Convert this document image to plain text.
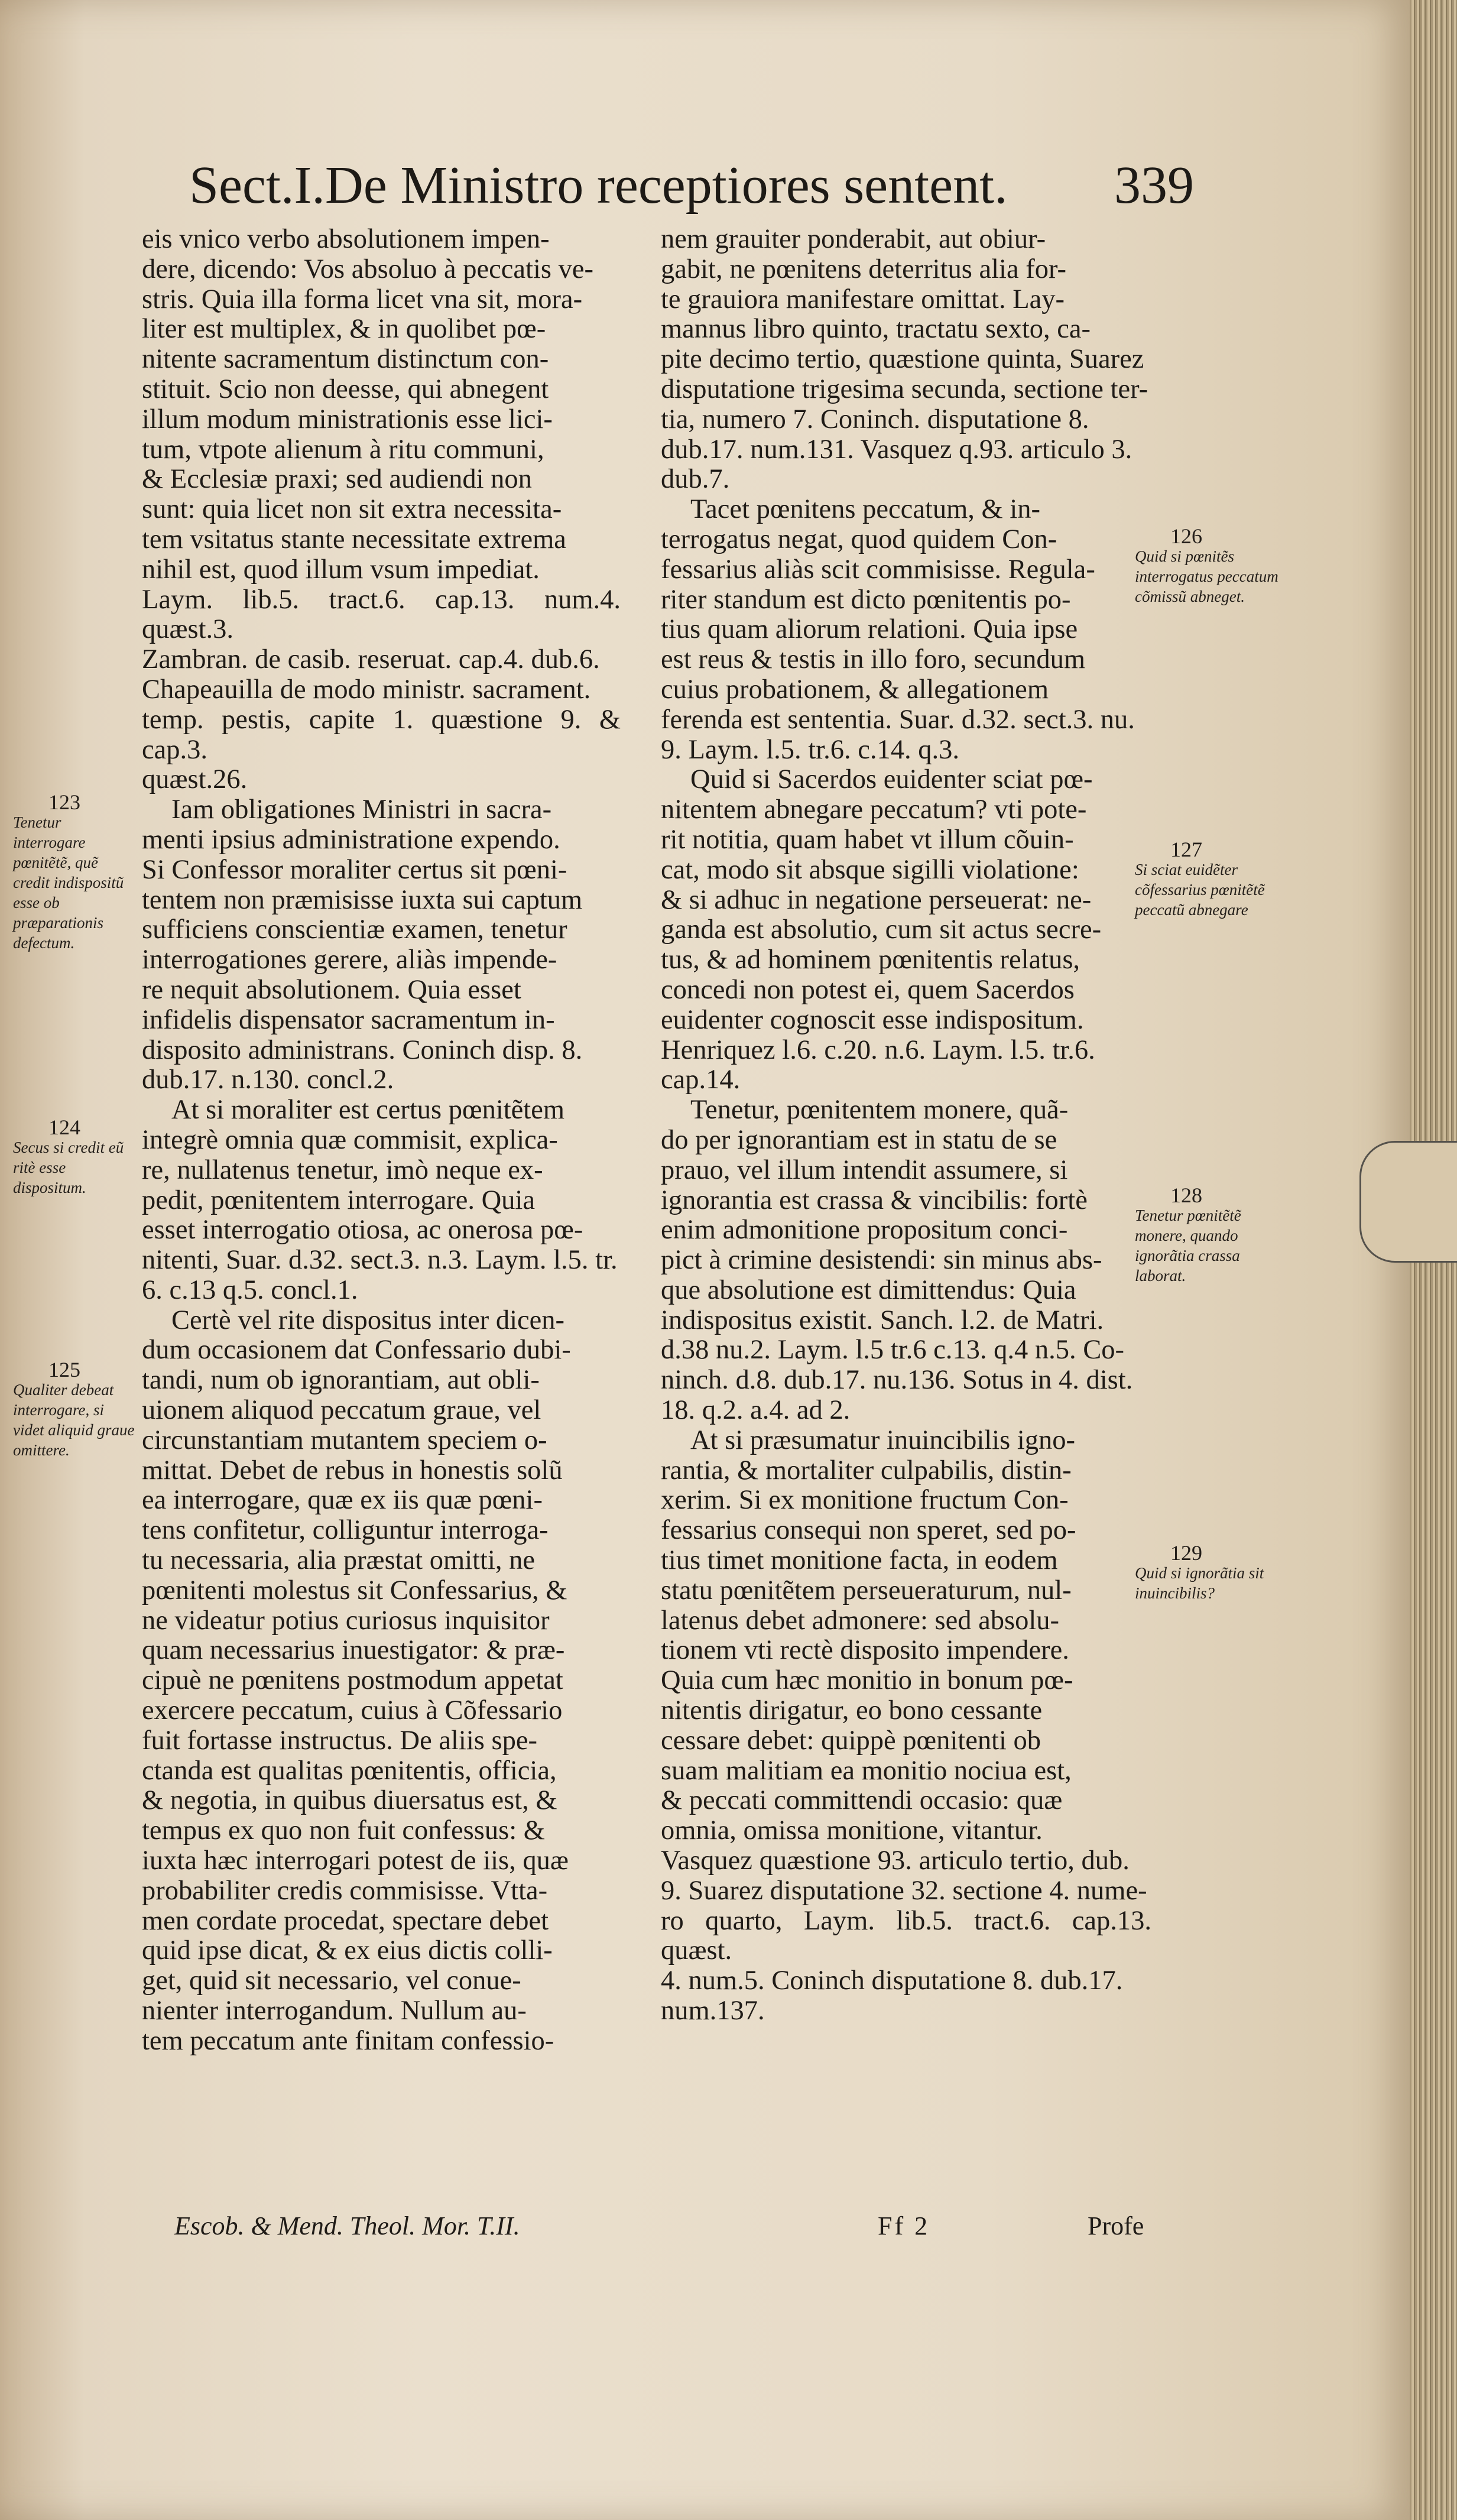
Sect.I.De Ministro receptiores sentent. 339

eis vnico verbo absolutionem impen-

dere, dicendo: Vos absoluo à peccatis ve-

stris. Quia illa forma licet vna sit, mora-

liter est multiplex, & in quolibet pœ-

nitente sacramentum distinctum con-

stituit. Scio non deesse, qui abnegent

illum modum ministrationis esse lici-

tum, vtpote alienum à ritu communi,

& Ecclesiæ praxi; sed audiendi non

sunt: quia licet non sit extra necessita-

tem vsitatus stante necessitate extrema

nihil est, quod illum vsum impediat.

Laym. lib.5. tract.6. cap.13. num.4. quæst.3.

Zambran. de casib. reseruat. cap.4. dub.6.

Chapeauilla de modo ministr. sacrament.

temp. pestis, capite 1. quæstione 9. & cap.3.

quæst.26.

Iam obligationes Ministri in sacra-

menti ipsius administratione expendo.

Si Confessor moraliter certus sit pœni-

tentem non præmisisse iuxta sui captum

sufficiens conscientiæ examen, tenetur

interrogationes gerere, aliàs impende-

re nequit absolutionem. Quia esset

infidelis dispensator sacramentum in-

disposito administrans. Coninch disp. 8.

dub.17. n.130. concl.2.

At si moraliter est certus pœnitẽtem

integrè omnia quæ commisit, explica-

re, nullatenus tenetur, imò neque ex-

pedit, pœnitentem interrogare. Quia

esset interrogatio otiosa, ac onerosa pœ-

nitenti, Suar. d.32. sect.3. n.3. Laym. l.5. tr.

6. c.13 q.5. concl.1.

Certè vel rite dispositus inter dicen-

dum occasionem dat Confessario dubi-

tandi, num ob ignorantiam, aut obli-

uionem aliquod peccatum graue, vel

circunstantiam mutantem speciem o-

mittat. Debet de rebus in honestis solũ

ea interrogare, quæ ex iis quæ pœni-

tens confitetur, colliguntur interroga-

tu necessaria, alia præstat omitti, ne

pœnitenti molestus sit Confessarius, &

ne videatur potius curiosus inquisitor

quam necessarius inuestigator: & præ-

cipuè ne pœnitens postmodum appetat

exercere peccatum, cuius à Cõfessario

fuit fortasse instructus. De aliis spe-

ctanda est qualitas pœnitentis, officia,

& negotia, in quibus diuersatus est, &

tempus ex quo non fuit confessus: &

iuxta hæc interrogari potest de iis, quæ

probabiliter credis commisisse. Vtta-

men cordate procedat, spectare debet

quid ipse dicat, & ex eius dictis colli-

get, quid sit necessario, vel conue-

nienter interrogandum. Nullum au-

tem peccatum ante finitam confessio-

nem grauiter ponderabit, aut obiur-

gabit, ne pœnitens deterritus alia for-

te grauiora manifestare omittat. Lay-

mannus libro quinto, tractatu sexto, ca-

pite decimo tertio, quæstione quinta, Suarez

disputatione trigesima secunda, sectione ter-

tia, numero 7. Coninch. disputatione 8.

dub.17. num.131. Vasquez q.93. articulo 3.

dub.7.

Tacet pœnitens peccatum, & in-

terrogatus negat, quod quidem Con-

fessarius aliàs scit commisisse. Regula-

riter standum est dicto pœnitentis po-

tius quam aliorum relationi. Quia ipse

est reus & testis in illo foro, secundum

cuius probationem, & allegationem

ferenda est sententia. Suar. d.32. sect.3. nu.

9. Laym. l.5. tr.6. c.14. q.3.

Quid si Sacerdos euidenter sciat pœ-

nitentem abnegare peccatum? vti pote-

rit notitia, quam habet vt illum cõuin-

cat, modo sit absque sigilli violatione:

& si adhuc in negatione perseuerat: ne-

ganda est absolutio, cum sit actus secre-

tus, & ad hominem pœnitentis relatus,

concedi non potest ei, quem Sacerdos

euidenter cognoscit esse indispositum.

Henriquez l.6. c.20. n.6. Laym. l.5. tr.6.

cap.14.

Tenetur, pœnitentem monere, quã-

do per ignorantiam est in statu de se

prauo, vel illum intendit assumere, si

ignorantia est crassa & vincibilis: fortè

enim admonitione propositum conci-

pict à crimine desistendi: sin minus abs-

que absolutione est dimittendus: Quia

indispositus existit. Sanch. l.2. de Matri.

d.38 nu.2. Laym. l.5 tr.6 c.13. q.4 n.5. Co-

ninch. d.8. dub.17. nu.136. Sotus in 4. dist.

18. q.2. a.4. ad 2.

At si præsumatur inuincibilis igno-

rantia, & mortaliter culpabilis, distin-

xerim. Si ex monitione fructum Con-

fessarius consequi non speret, sed po-

tius timet monitione facta, in eodem

statu pœnitẽtem perseueraturum, nul-

latenus debet admonere: sed absolu-

tionem vti rectè disposito impendere.

Quia cum hæc monitio in bonum pœ-

nitentis dirigatur, eo bono cessante

cessare debet: quippè pœnitenti ob

suam malitiam ea monitio nociua est,

& peccati committendi occasio: quæ

omnia, omissa monitione, vitantur.

Vasquez quæstione 93. articulo tertio, dub.

9. Suarez disputatione 32. sectione 4. nume-

ro quarto, Laym. lib.5. tract.6. cap.13. quæst.

4. num.5. Coninch disputatione 8. dub.17.

num.137.

123
Tenetur interrogare pœnitẽtẽ, quẽ credit indispositũ esse ob præparationis defectum.
124
Secus si credit eũ ritè esse dispositum.
125
Qualiter debeat interrogare, si videt aliquid graue omittere.
126
Quid si pœnitẽs interrogatus peccatum cõmissũ abneget.
127
Si sciat euidẽter cõfessarius pœnitẽtẽ peccatũ abnegare
128
Tenetur pœnitẽtẽ monere, quando ignorãtia crassa laborat.
129
Quid si ignorãtia sit inuincibilis?
Escob. & Mend. Theol. Mor. T.II.	Ff 2	Profe
